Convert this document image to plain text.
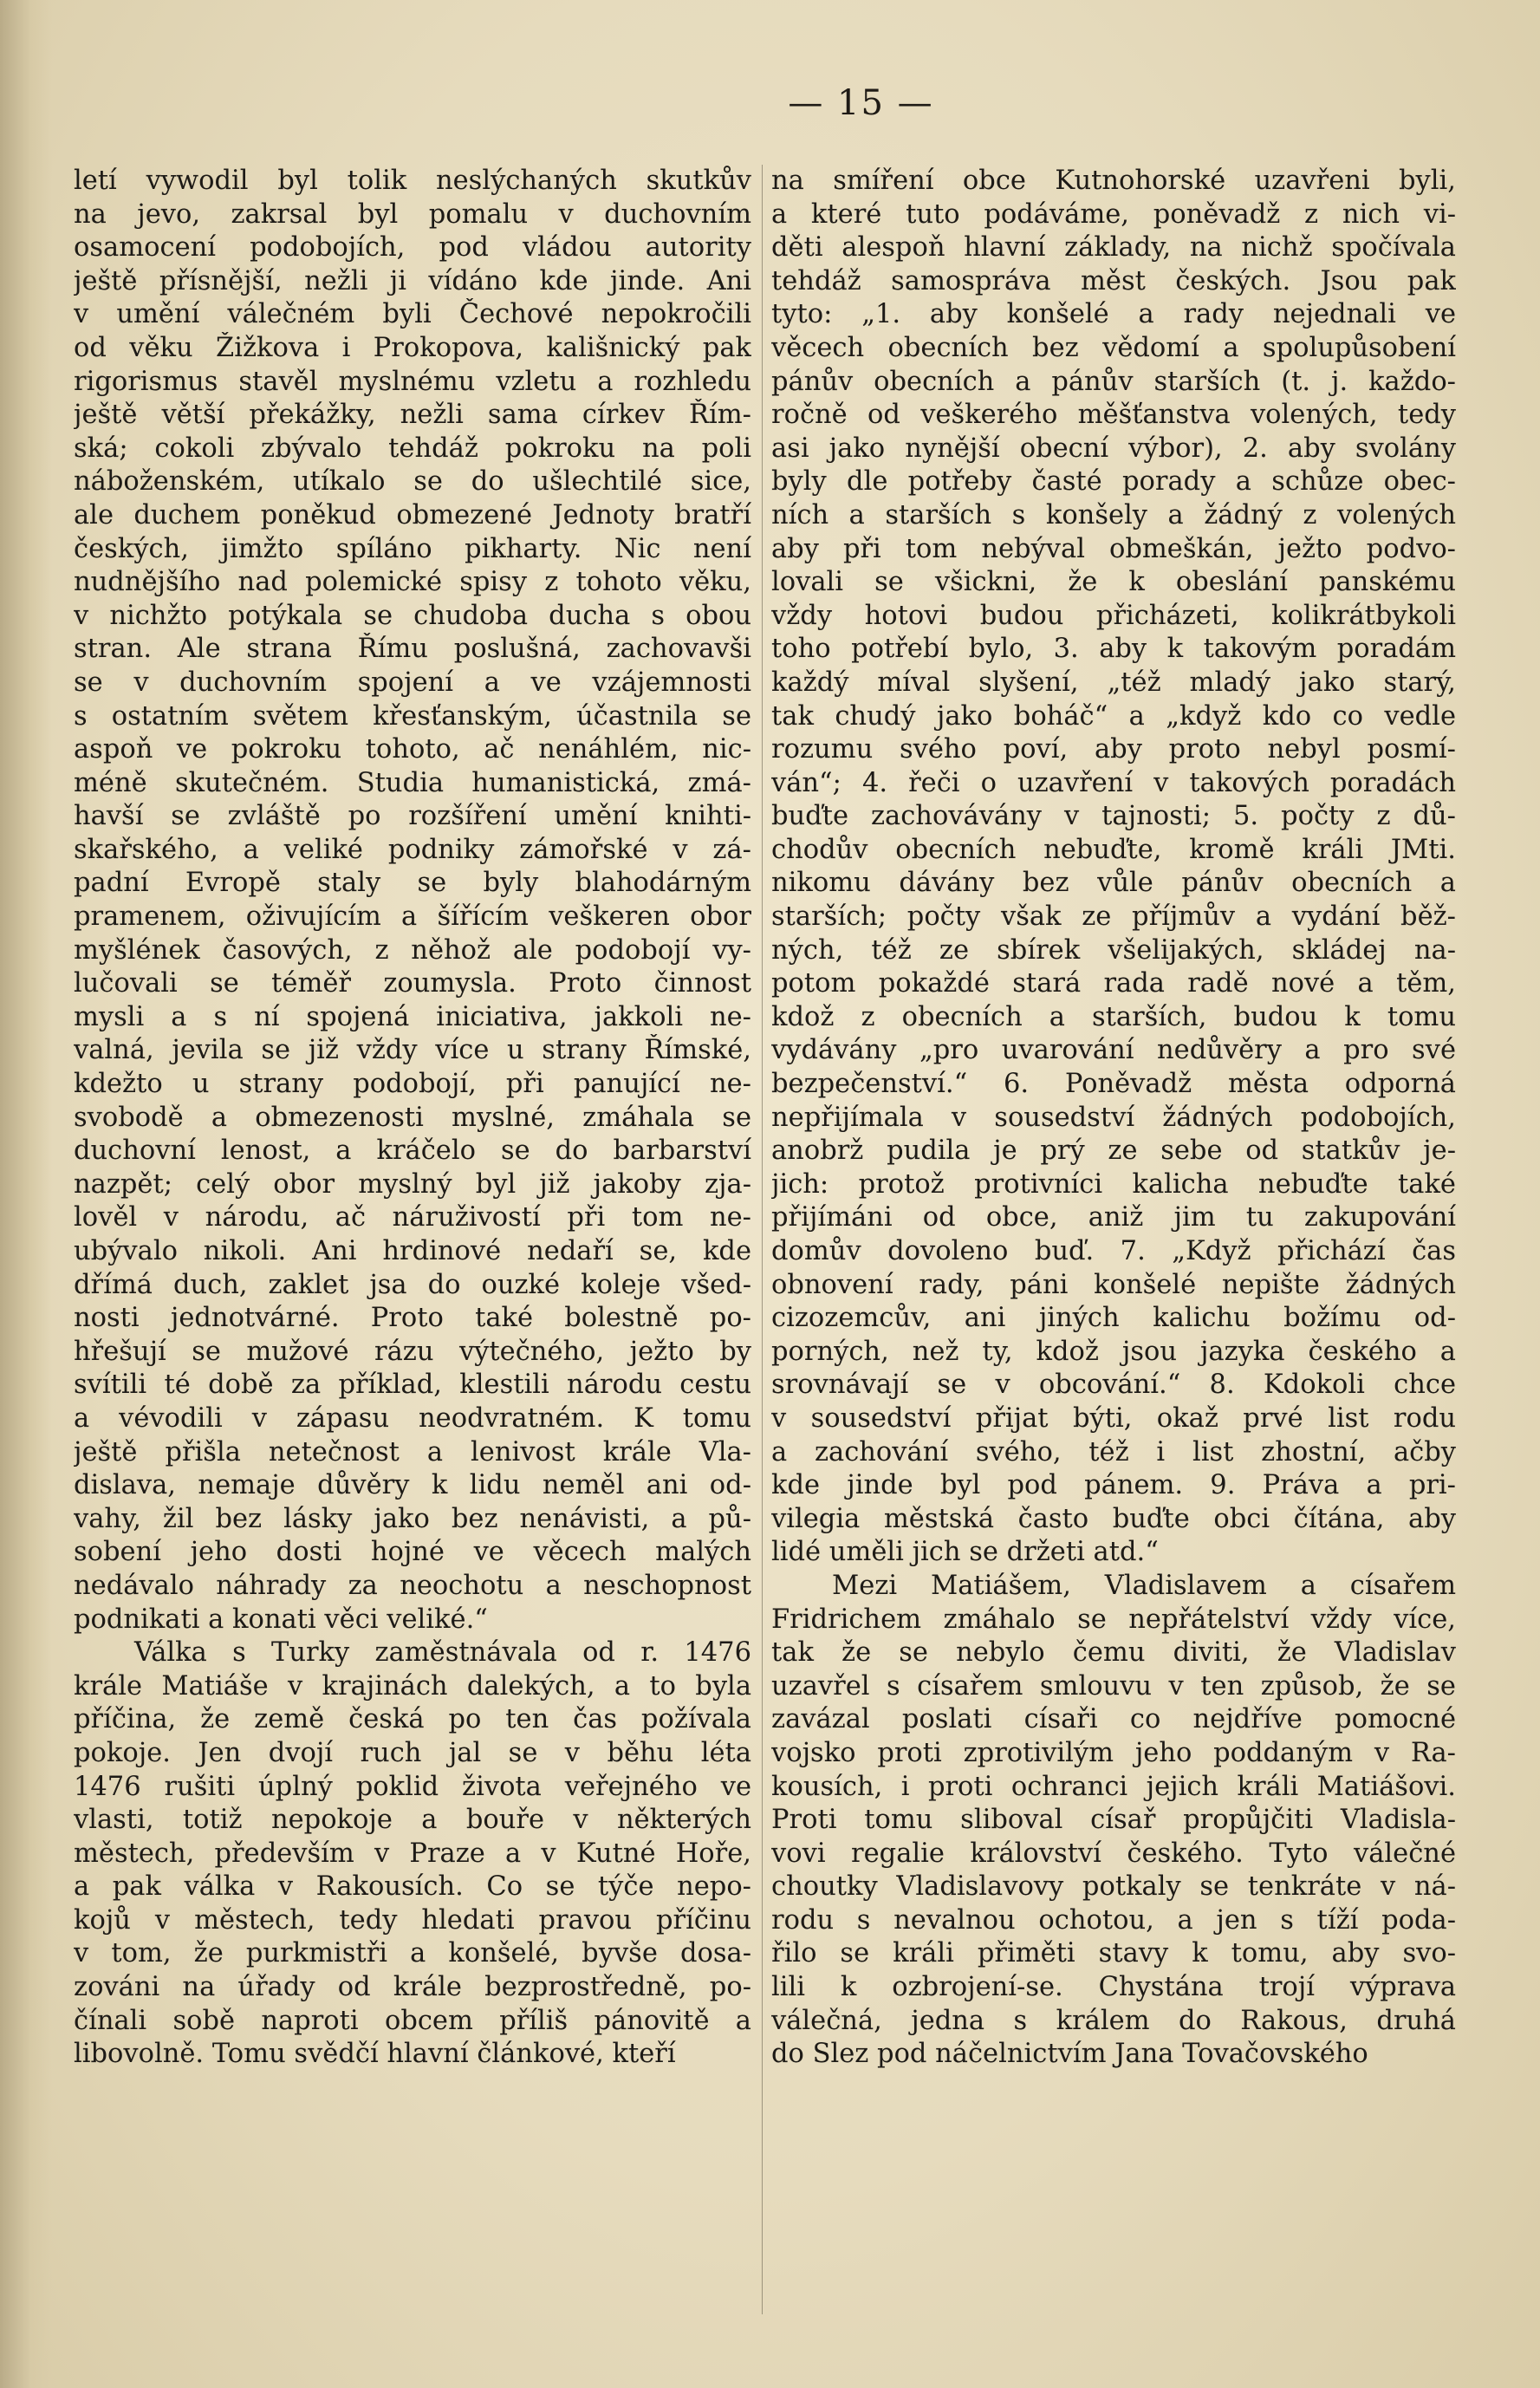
— 15 —
letí vywodil byl tolik neslýchaných skutkův
na jevo, zakrsal byl pomalu v duchovním
osamocení podobojích, pod vládou autority
ještě přísnější, nežli ji vídáno kde jinde. Ani
v umění válečném byli Čechové nepokročili
od věku Žižkova i Prokopova, kališnický pak
rigorismus stavěl myslnému vzletu a rozhledu
ještě větší překážky, nežli sama církev Řím-
ská; cokoli zbývalo tehdáž pokroku na poli
náboženském, utíkalo se do ušlechtilé sice,
ale duchem poněkud obmezené Jednoty bratří
českých, jimžto spíláno pikharty. Nic není
nudnějšího nad polemické spisy z tohoto věku,
v nichžto potýkala se chudoba ducha s obou
stran. Ale strana Římu poslušná, zachovavši
se v duchovním spojení a ve vzájemnosti
s ostatním světem křesťanským, účastnila se
aspoň ve pokroku tohoto, ač nenáhlém, nic-
méně skutečném. Studia humanistická, zmá-
havší se zvláště po rozšíření umění knihti-
skařského, a veliké podniky zámořské v zá-
padní Evropě staly se byly blahodárným
pramenem, oživujícím a šířícím veškeren obor
myšlének časových, z něhož ale podobojí vy-
lučovali se téměř zoumysla. Proto činnost
mysli a s ní spojená iniciativa, jakkoli ne-
valná, jevila se již vždy více u strany Římské,
kdežto u strany podobojí, při panující ne-
svobodě a obmezenosti myslné, zmáhala se
duchovní lenost, a kráčelo se do barbarství
nazpět; celý obor myslný byl již jakoby zja-
lověl v národu, ač náruživostí při tom ne-
ubývalo nikoli. Ani hrdinové nedaří se, kde
dřímá duch, zaklet jsa do ouzké koleje všed-
nosti jednotvárné. Proto také bolestně po-
hřešují se mužové rázu výtečného, ježto by
svítili té době za příklad, klestili národu cestu
a vévodili v zápasu neodvratném. K tomu
ještě přišla netečnost a lenivost krále Vla-
dislava, nemaje důvěry k lidu neměl ani od-
vahy, žil bez lásky jako bez nenávisti, a pů-
sobení jeho dosti hojné ve věcech malých
nedávalo náhrady za neochotu a neschopnost
podnikati a konati věci veliké.“
Válka s Turky zaměstnávala od r. 1476
krále Matiáše v krajinách dalekých, a to byla
příčina, že země česká po ten čas požívala
pokoje. Jen dvojí ruch jal se v běhu léta
1476 rušiti úplný poklid života veřejného ve
vlasti, totiž nepokoje a bouře v některých
městech, především v Praze a v Kutné Hoře,
a pak válka v Rakousích. Co se týče nepo-
kojů v městech, tedy hledati pravou příčinu
v tom, že purkmistři a konšelé, byvše dosa-
zováni na úřady od krále bezprostředně, po-
čínali sobě naproti obcem příliš pánovitě a
libovolně. Tomu svědčí hlavní článkové, kteří
na smíření obce Kutnohorské uzavřeni byli,
a které tuto podáváme, poněvadž z nich vi-
děti alespoň hlavní základy, na nichž spočívala
tehdáž samospráva měst českých. Jsou pak
tyto: „1. aby konšelé a rady nejednali ve
věcech obecních bez vědomí a spolupůsobení
pánův obecních a pánův starších (t. j. každo-
ročně od veškerého měšťanstva volených, tedy
asi jako nynější obecní výbor), 2. aby svolány
byly dle potřeby časté porady a schůze obec-
ních a starších s konšely a žádný z volených
aby při tom nebýval obmeškán, ježto podvo-
lovali se všickni, že k obeslání panskému
vždy hotovi budou přicházeti, kolikrátbykoli
toho potřebí bylo, 3. aby k takovým poradám
každý míval slyšení, „též mladý jako starý,
tak chudý jako boháč“ a „když kdo co vedle
rozumu svého poví, aby proto nebyl posmí-
ván“; 4. řeči o uzavření v takových poradách
buďte zachovávány v tajnosti; 5. počty z dů-
chodův obecních nebuďte, kromě králi JMti.
nikomu dávány bez vůle pánův obecních a
starších; počty však ze příjmův a vydání běž-
ných, též ze sbírek všelijakých, skládej na-
potom pokaždé stará rada radě nové a těm,
kdož z obecních a starších, budou k tomu
vydávány „pro uvarování nedůvěry a pro své
bezpečenství.“ 6. Poněvadž města odporná
nepřijímala v sousedství žádných podobojích,
anobrž pudila je prý ze sebe od statkův je-
jich: protož protivníci kalicha nebuďte také
přijímáni od obce, aniž jim tu zakupování
domův dovoleno buď. 7. „Když přichází čas
obnovení rady, páni konšelé nepište žádných
cizozemcův, ani jiných kalichu božímu od-
porných, než ty, kdož jsou jazyka českého a
srovnávají se v obcování.“ 8. Kdokoli chce
v sousedství přijat býti, okaž prvé list rodu
a zachování svého, též i list zhostní, ačby
kde jinde byl pod pánem. 9. Práva a pri-
vilegia městská často buďte obci čítána, aby
lidé uměli jich se držeti atd.“
Mezi Matiášem, Vladislavem a císařem
Fridrichem zmáhalo se nepřátelství vždy více,
tak že se nebylo čemu diviti, že Vladislav
uzavřel s císařem smlouvu v ten způsob, že se
zavázal poslati císaři co nejdříve pomocné
vojsko proti zprotivilým jeho poddaným v Ra-
kousích, i proti ochranci jejich králi Matiášovi.
Proti tomu sliboval císař propůjčiti Vladisla-
vovi regalie království českého. Tyto válečné
choutky Vladislavovy potkaly se tenkráte v ná-
rodu s nevalnou ochotou, a jen s tíží poda-
řilo se králi přiměti stavy k tomu, aby svo-
lili k ozbrojení-se. Chystána trojí výprava
válečná, jedna s králem do Rakous, druhá
do Slez pod náčelnictvím Jana Tovačovského
